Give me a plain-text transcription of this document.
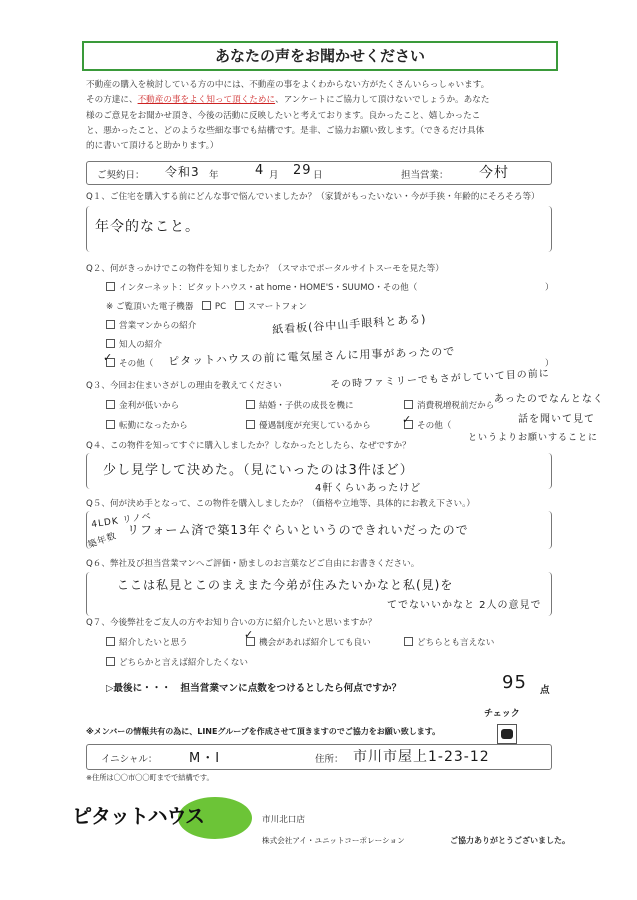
あなたの声をお聞かせください
不動産の購入を検討している方の中には、不動産の事をよくわからない方がたくさんいらっしゃいます。
その方達に、不動産の事をよく知って頂くために、アンケートにご協力して頂けないでしょうか。あなた
様のご意見をお聞かせ頂き、今後の活動に反映したいと考えております。良かったこと、嬉しかったこ
と、悪かったこと、どのような些細な事でも結構です。是非、ご協力お願い致します。（できるだけ具体
的に書いて頂けると助かります。）
ご契約日： 令和3 年	4 月 29 日	担当営業： 今村
Q１、ご住宅を購入する前にどんな事で悩んでいましたか？（家賃がもったいない・今が手狭・年齢的にそろそろ等）
年令的なこと。
Q２、何がきっかけでこの物件を知りましたか？（スマホでポータルサイトスーモを見た等）
インターネット：ピタットハウス・at home・HOME'S・SUUMO・その他（	）
※ ご覧頂いた電子機器　	PC　	スマートフォン
営業マンからの紹介
知人の紹介
その他（
✓	）
紙看板(谷中山手眼科とある)
ピタットハウスの前に電気屋さんに用事があったので
Q３、今回お住まいさがしの理由を教えてください	その時ファミリーでもさがしていて目の前に
金利が低いから	結婚・子供の成長を機に	消費税増税前だから
転勤になったから	優遇制度が充実しているから	その他（
✓
あったのでなんとなく
話を聞いて見て
というよりお願いすることに
Q４、この物件を知ってすぐに購入しましたか？しなかったとしたら、なぜですか？
少し見学して決めた。（見にいったのは3件ほど）
4軒くらいあったけど
Q５、何が決め手となって、この物件を購入しましたか？（価格や立地等、具体的にお教え下さい。）
4LDK リノベ
築年数
リフォーム済で築13年ぐらいというのできれいだったので
Q６、弊社及び担当営業マンへご評価・励ましのお言葉などご自由にお書きください。
ここは私見とこのまえまた今弟が住みたいかなと私(見)を
てでないいかなと 2人の意見で
Q７、今後弊社をご友人の方やお知り合いの方に紹介したいと思いますか？
紹介したいと思う	機会があれば紹介しても良い
✓
どちらとも言えない
どちらかと言えば紹介したくない
▷最後に・・・　担当営業マンに点数をつけるとしたら何点ですか？	95 点
※メンバーの情報共有の為に、LINEグループを作成させて頂きますのでご協力をお願い致します。
チェック
イニシャル： M・I	住所： 市川市屋上1-23-12
※住所は〇〇市〇〇町までで結構です。
ピタットハウス	市川北口店
株式会社アイ・ユニットコーポレーション	ご協力ありがとうございました。
